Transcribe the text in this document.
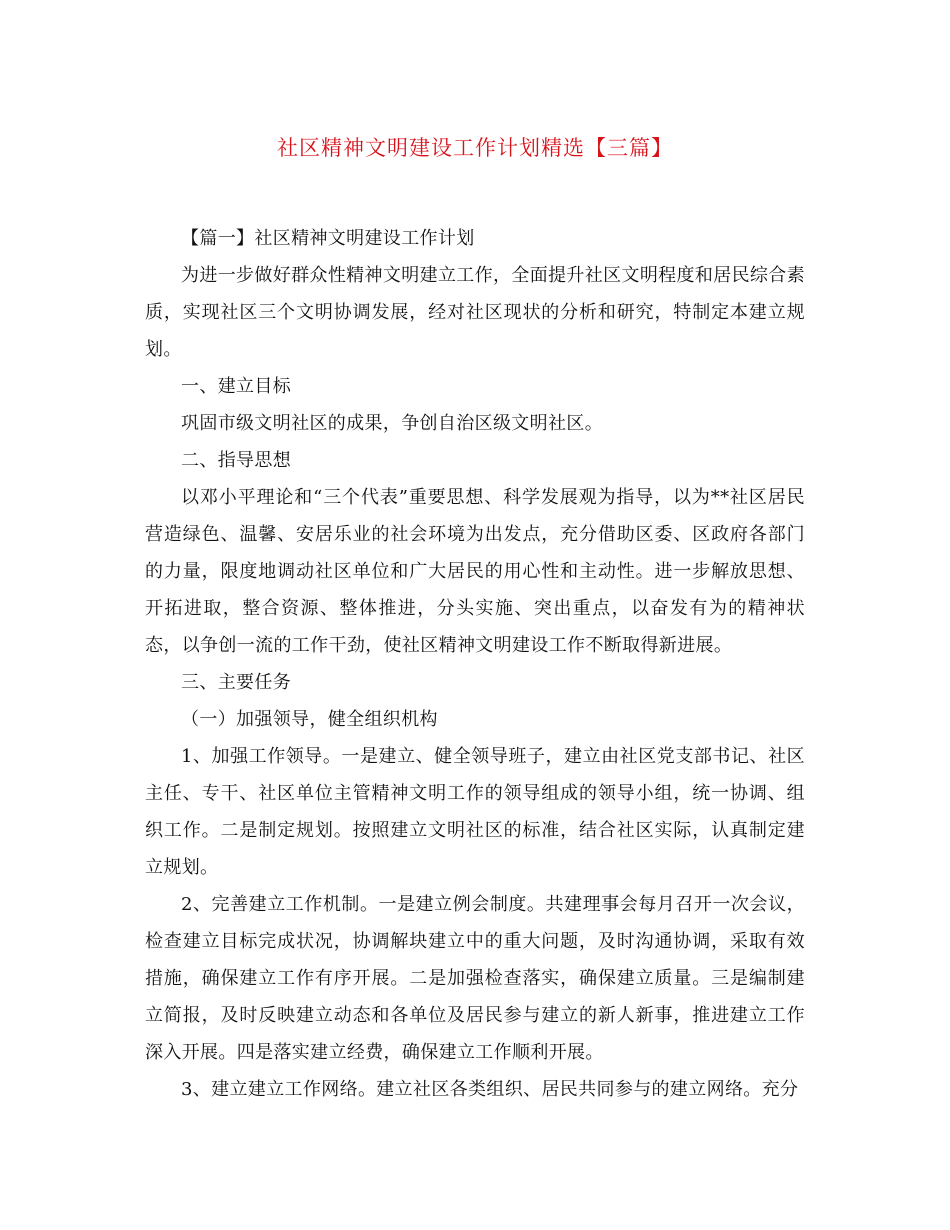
社区精神文明建设工作计划精选【三篇】

【篇一】社区精神文明建设工作计划

为进一步做好群众性精神文明建立工作，全面提升社区文明程度和居民综合素质，实现社区三个文明协调发展，经对社区现状的分析和研究，特制定本建立规划。

一、建立目标

巩固市级文明社区的成果，争创自治区级文明社区。

二、指导思想

以邓小平理论和“三个代表”重要思想、科学发展观为指导，以为**社区居民营造绿色、温馨、安居乐业的社会环境为出发点，充分借助区委、区政府各部门的力量，限度地调动社区单位和广大居民的用心性和主动性。进一步解放思想、开拓进取，整合资源、整体推进，分头实施、突出重点，以奋发有为的精神状态，以争创一流的工作干劲，使社区精神文明建设工作不断取得新进展。

三、主要任务

（一）加强领导，健全组织机构

1、加强工作领导。一是建立、健全领导班子，建立由社区党支部书记、社区主任、专干、社区单位主管精神文明工作的领导组成的领导小组，统一协调、组织工作。二是制定规划。按照建立文明社区的标准，结合社区实际，认真制定建立规划。

2、完善建立工作机制。一是建立例会制度。共建理事会每月召开一次会议，检查建立目标完成状况，协调解块建立中的重大问题，及时沟通协调，采取有效措施，确保建立工作有序开展。二是加强检查落实，确保建立质量。三是编制建立简报，及时反映建立动态和各单位及居民参与建立的新人新事，推进建立工作深入开展。四是落实建立经费，确保建立工作顺利开展。

3、建立建立工作网络。建立社区各类组织、居民共同参与的建立网络。充分
